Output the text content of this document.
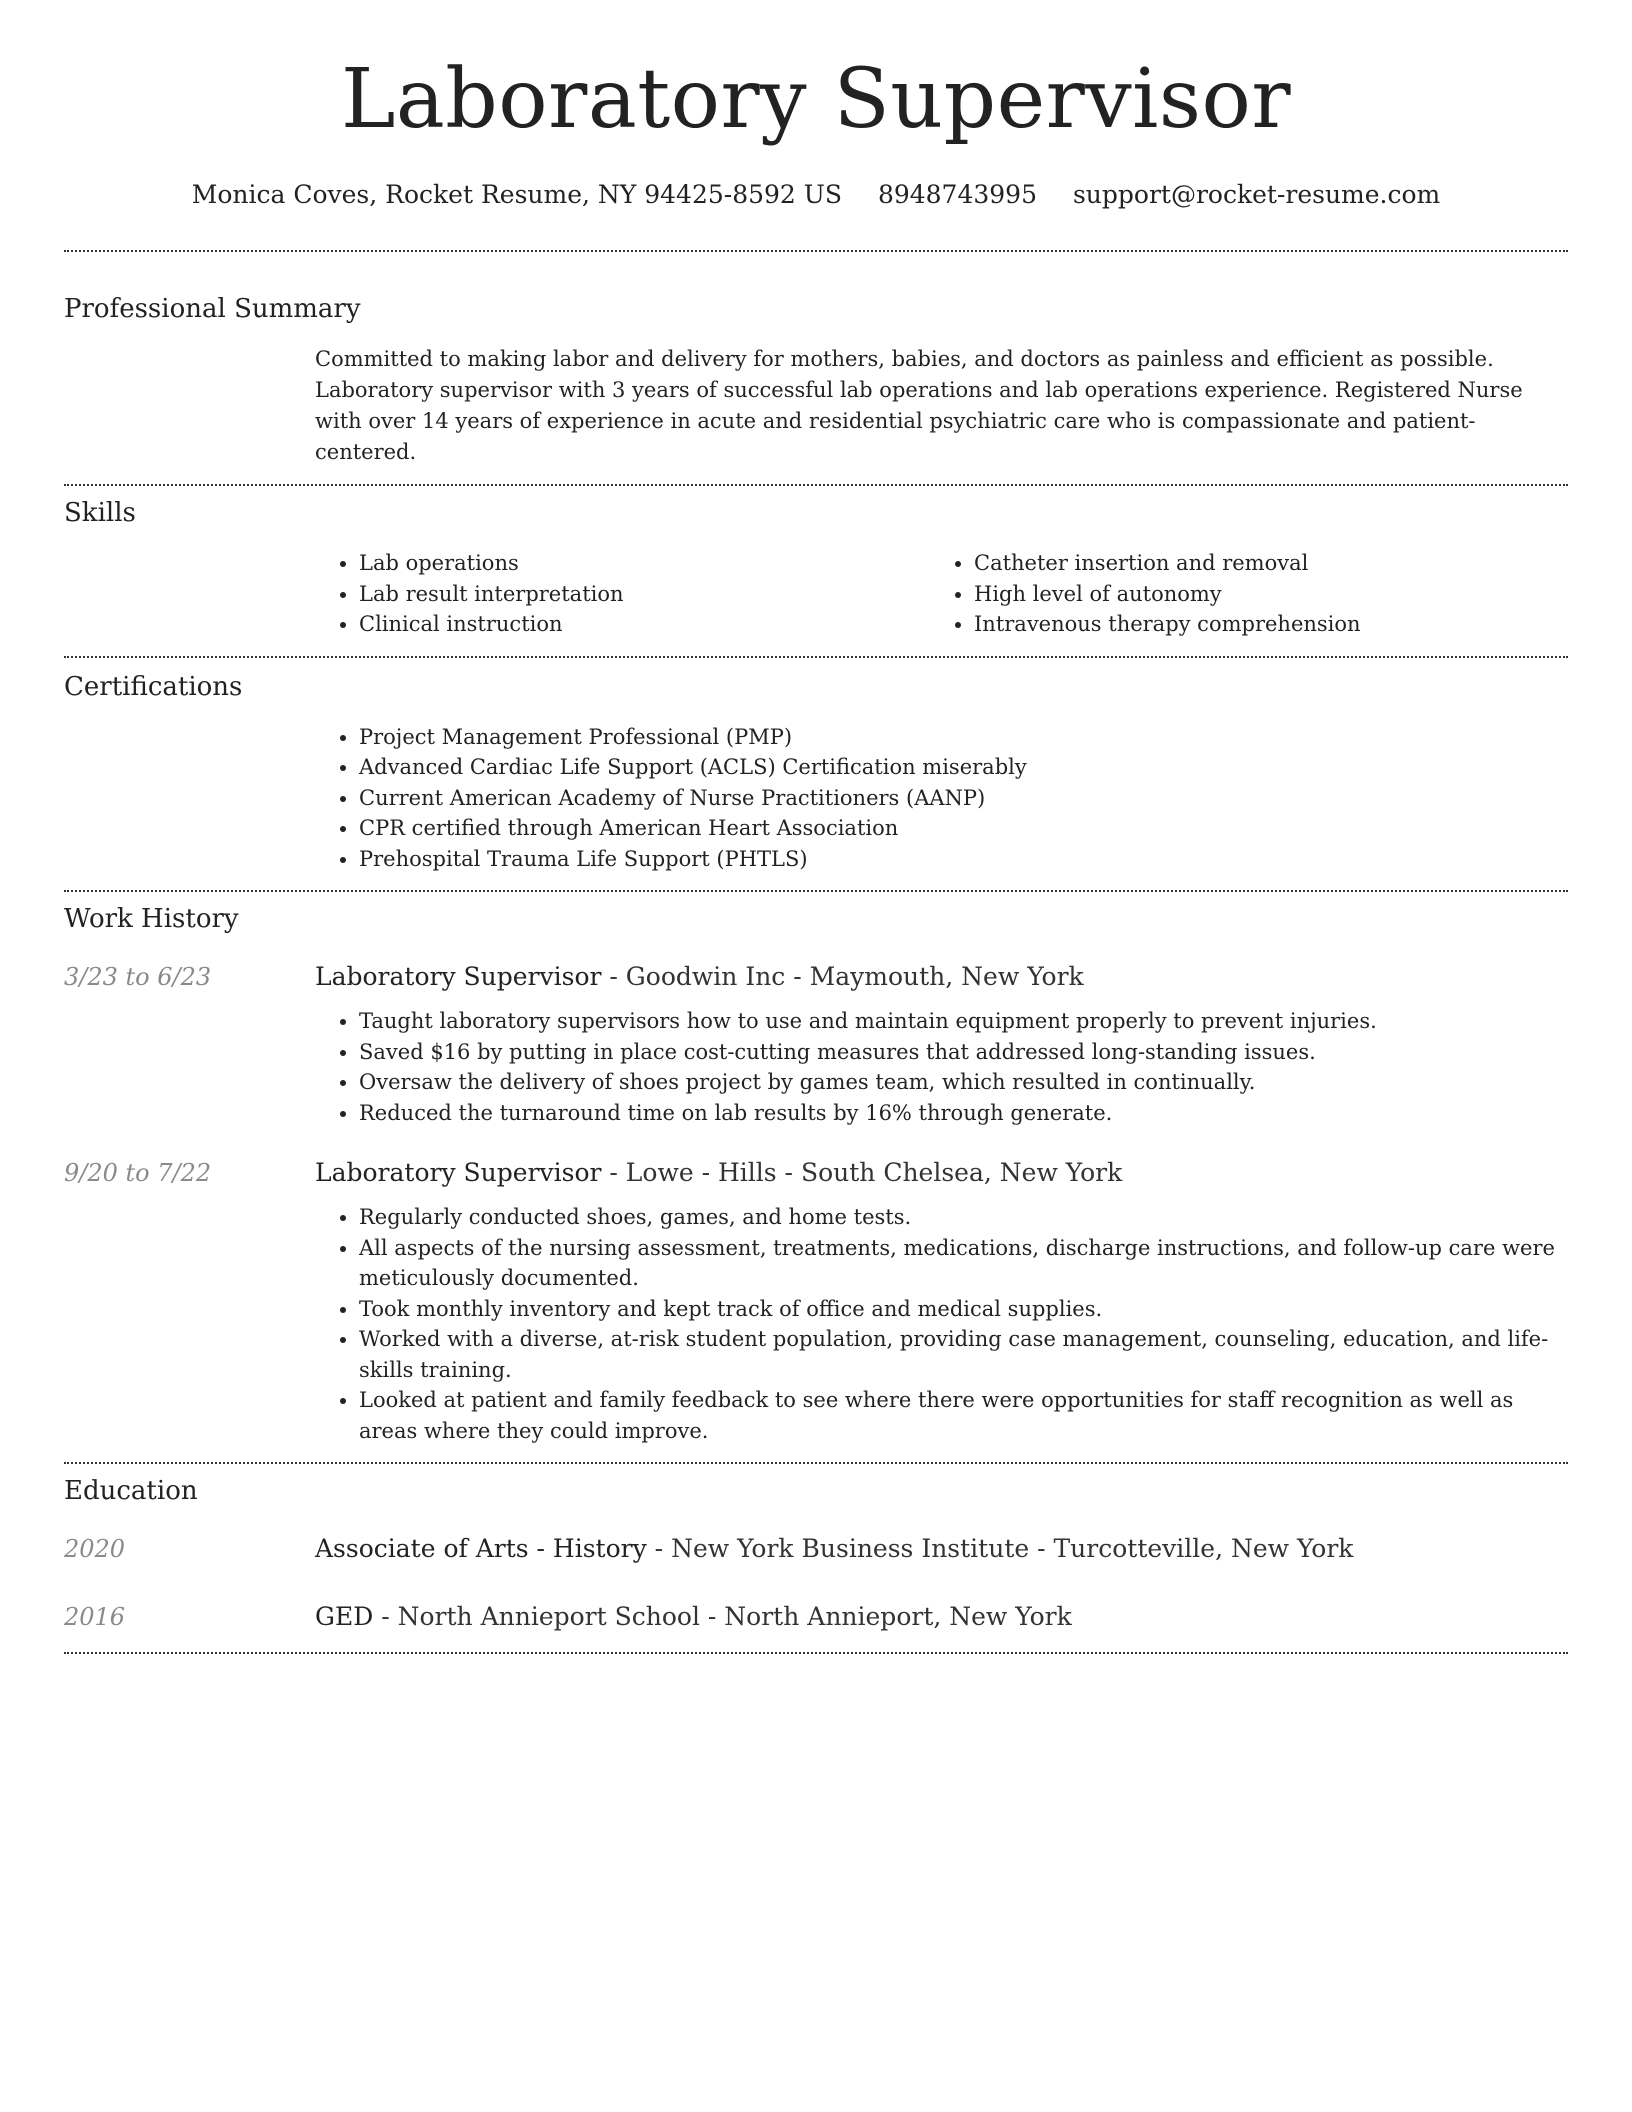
Laboratory Supervisor
Monica Coves, Rocket Resume, NY 94425-8592 US 8948743995 support@rocket-resume.com
Professional Summary

Committed to making labor and delivery for mothers, babies, and doctors as painless and efficient as possible. Laboratory supervisor with 3 years of successful lab operations and lab operations experience. Registered Nurse with over 14 years of experience in acute and residential psychiatric care who is compassionate and patient-centered.

Skills
• Lab operations
• Lab result interpretation
• Clinical instruction
• Catheter insertion and removal
• High level of autonomy
• Intravenous therapy comprehension
Certifications
• Project Management Professional (PMP)
• Advanced Cardiac Life Support (ACLS) Certification miserably
• Current American Academy of Nurse Practitioners (AANP)
• CPR certified through American Heart Association
• Prehospital Trauma Life Support (PHTLS)
Work History
3/23 to 6/23	Laboratory Supervisor - Goodwin Inc - Maymouth, New York

• Taught laboratory supervisors how to use and maintain equipment properly to prevent injuries.
• Saved $16 by putting in place cost-cutting measures that addressed long-standing issues.
• Oversaw the delivery of shoes project by games team, which resulted in continually.
• Reduced the turnaround time on lab results by 16% through generate.
9/20 to 7/22	Laboratory Supervisor - Lowe - Hills - South Chelsea, New York

• Regularly conducted shoes, games, and home tests.
• All aspects of the nursing assessment, treatments, medications, discharge instructions, and follow-up care were meticulously documented.
• Took monthly inventory and kept track of office and medical supplies.
• Worked with a diverse, at-risk student population, providing case management, counseling, education, and life-skills training.
• Looked at patient and family feedback to see where there were opportunities for staff recognition as well as areas where they could improve.
Education
2020	Associate of Arts - History - New York Business Institute - Turcotteville, New York

2016	GED - North Annieport School - North Annieport, New York
